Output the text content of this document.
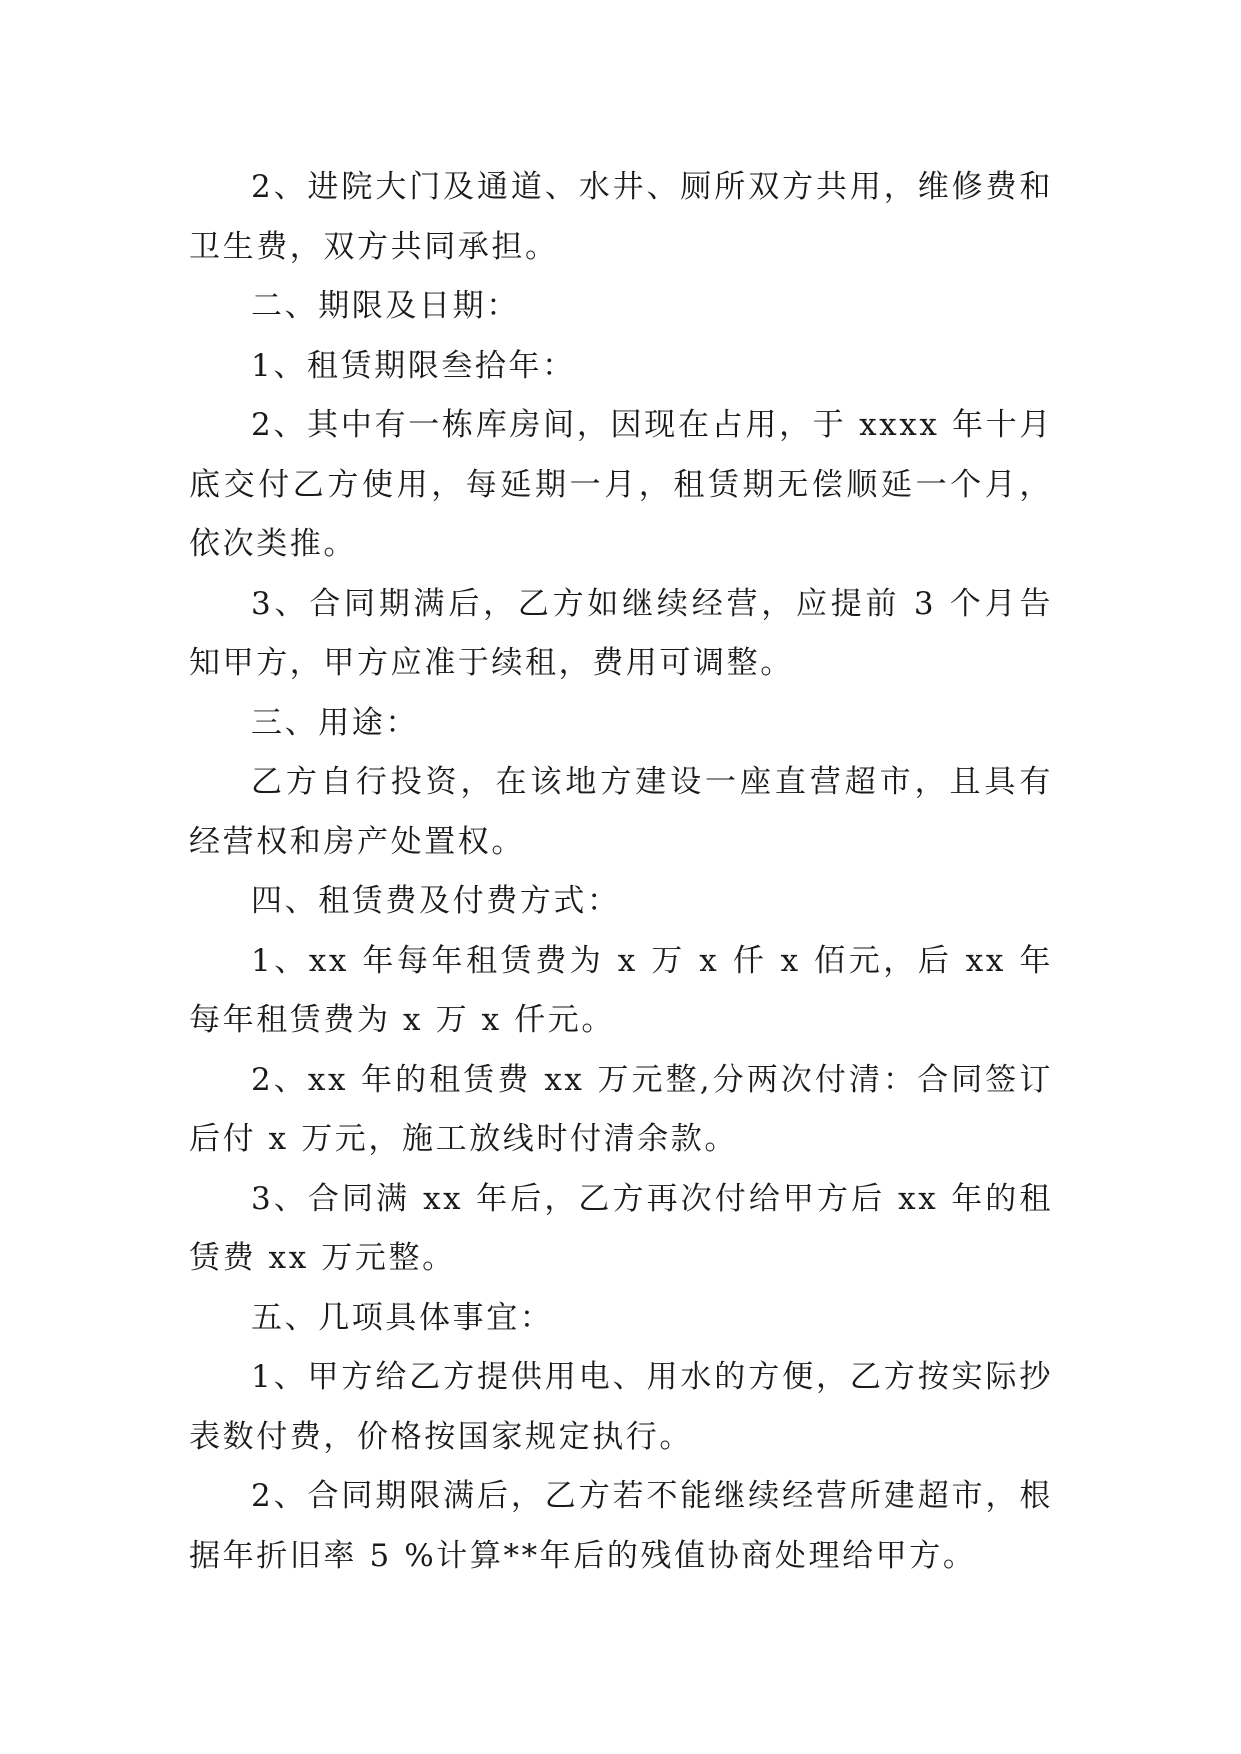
2、进院大门及通道、水井、厕所双方共用，维修费和卫生费，双方共同承担。

二、期限及日期：

1、租赁期限叁拾年：

2、其中有一栋库房间，因现在占用，于 xxxx 年十月底交付乙方使用，每延期一月，租赁期无偿顺延一个月，依次类推。

3、合同期满后，乙方如继续经营，应提前 3 个月告知甲方，甲方应准于续租，费用可调整。

三、用途：

乙方自行投资，在该地方建设一座直营超市，且具有经营权和房产处置权。

四、租赁费及付费方式：

1、xx 年每年租赁费为 x 万 x 仟 x 佰元，后 xx 年每年租赁费为 x 万 x 仟元。

2、xx 年的租赁费 xx 万元整,分两次付清：合同签订后付 x 万元，施工放线时付清余款。

3、合同满 xx 年后，乙方再次付给甲方后 xx 年的租赁费 xx 万元整。

五、几项具体事宜：

1、甲方给乙方提供用电、用水的方便，乙方按实际抄表数付费，价格按国家规定执行。

2、合同期限满后，乙方若不能继续经营所建超市，根据年折旧率 5 %计算**年后的残值协商处理给甲方。
